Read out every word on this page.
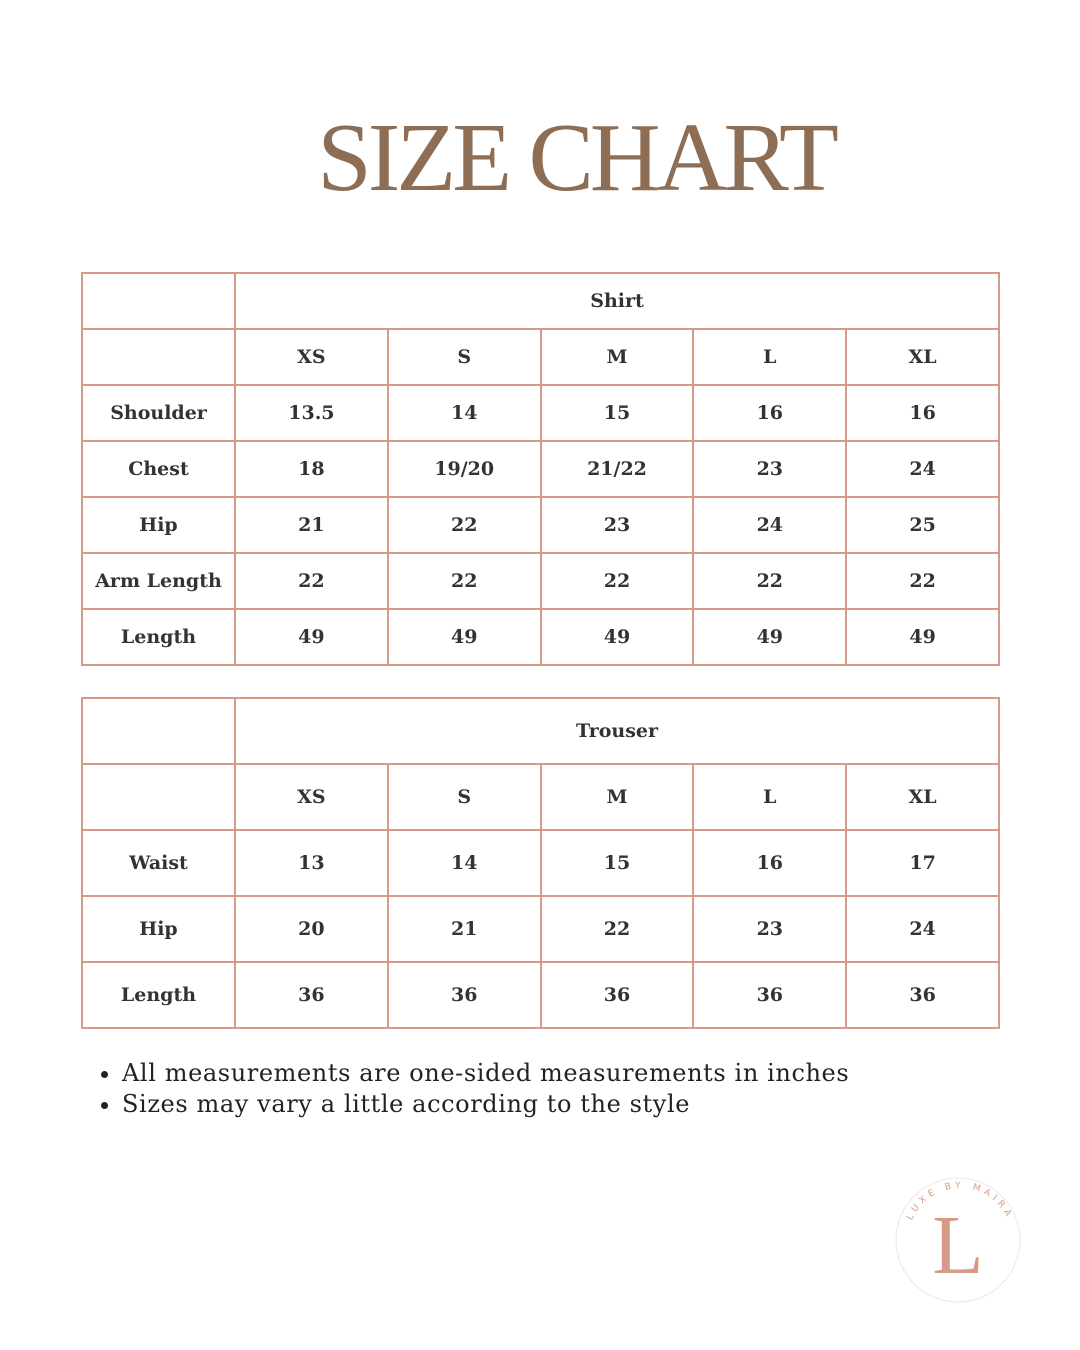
SIZE CHART
	Shirt				
	XS	S	M	L	XL
Shoulder	13.5	14	15	16	16
Chest	18	19/20	21/22	23	24
Hip	21	22	23	24	25
Arm Length	22	22	22	22	22
Length	49	49	49	49	49
	Trouser				
	XS	S	M	L	XL
Waist	13	14	15	16	17
Hip	20	21	22	23	24
Length	36	36	36	36	36
• All measurements are one-sided measurements in inches
• Sizes may vary a little according to the style
LUXE BY MAIRA
L
